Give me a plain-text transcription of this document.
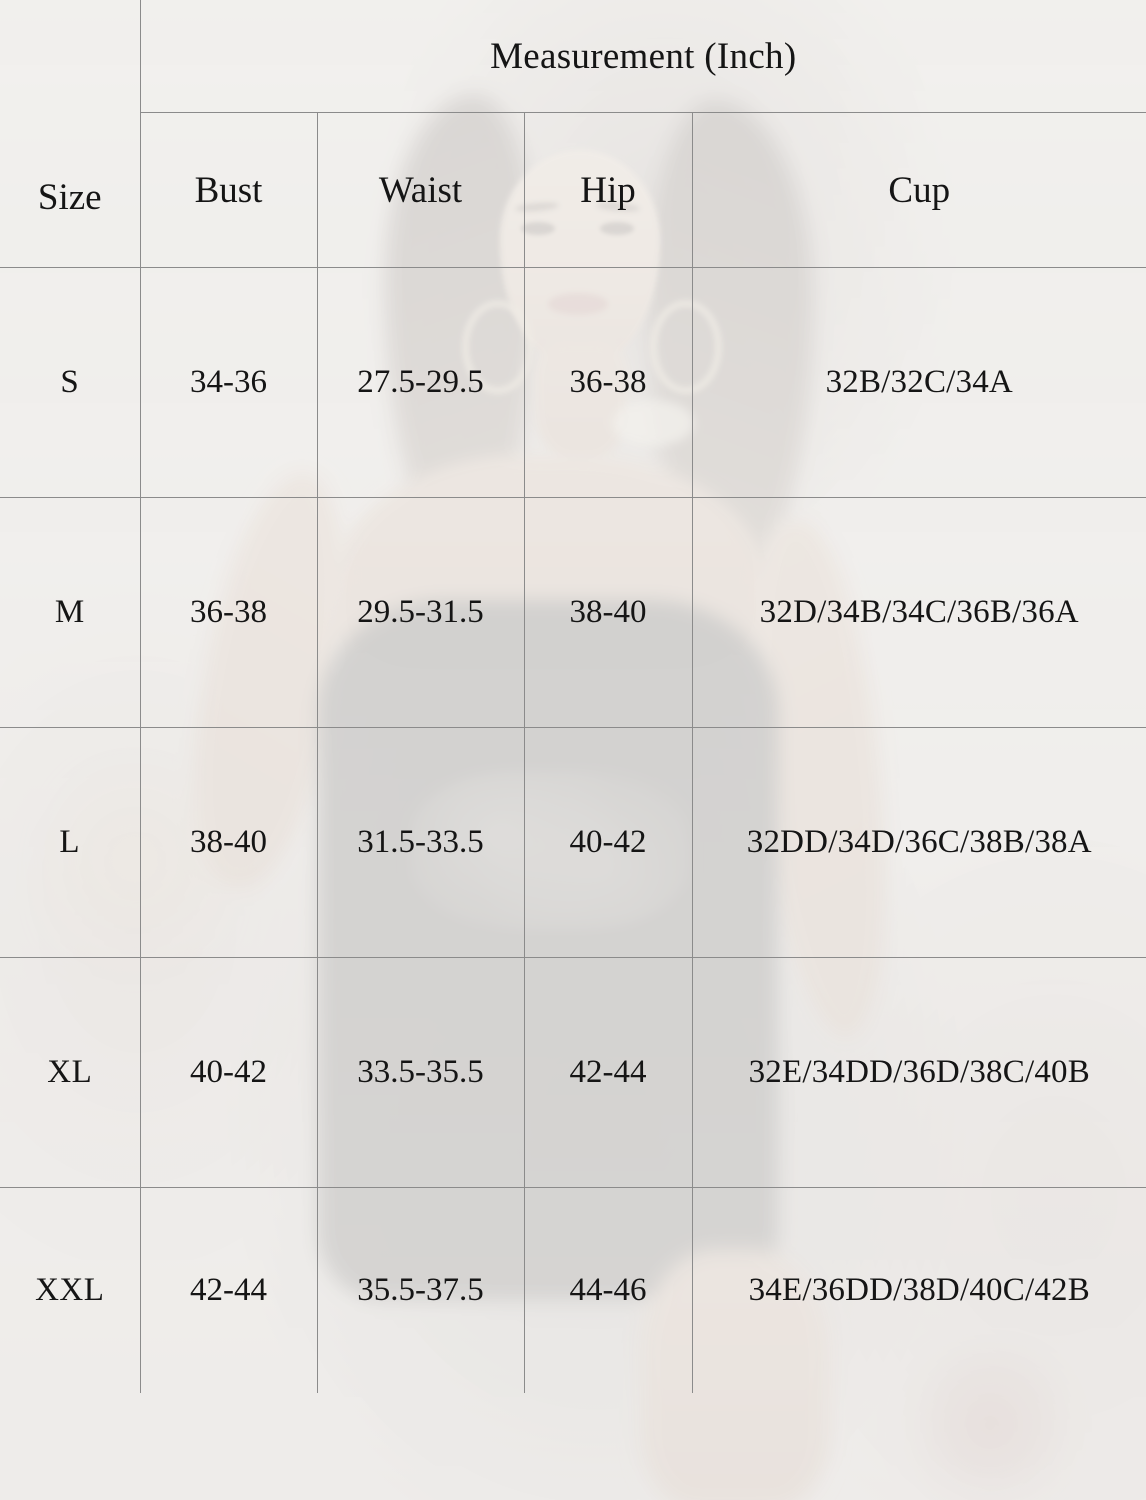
Size	Measurement (Inch)			
	Bust	Waist	Hip	Cup
S	34-36	27.5-29.5	36-38	32B/32C/34A
M	36-38	29.5-31.5	38-40	32D/34B/34C/36B/36A
L	38-40	31.5-33.5	40-42	32DD/34D/36C/38B/38A
XL	40-42	33.5-35.5	42-44	32E/34DD/36D/38C/40B
XXL	42-44	35.5-37.5	44-46	34E/36DD/38D/40C/42B
